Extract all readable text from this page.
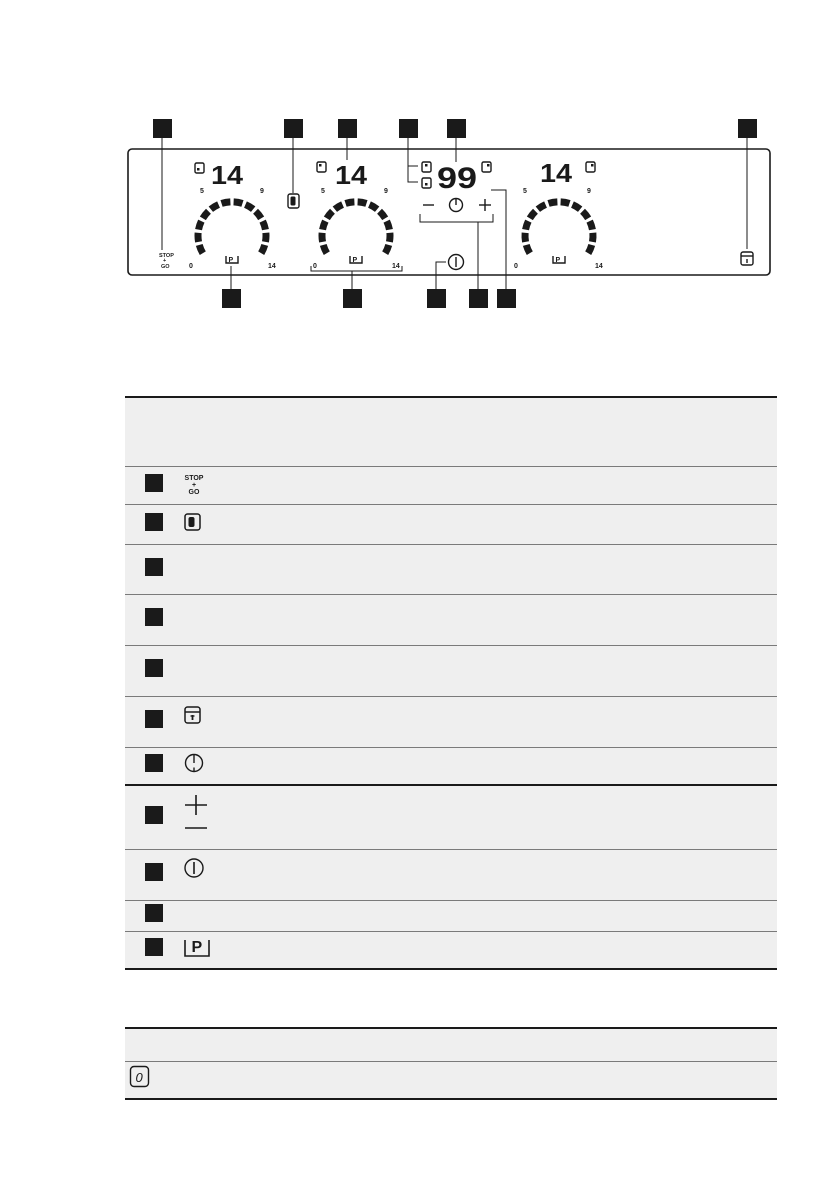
14	14 99 14
5	9
0	14
5	9
0	14
5	9
0	14
P	P	P
STOP
+
GO

	STOP
+
GO	

P	

0	
